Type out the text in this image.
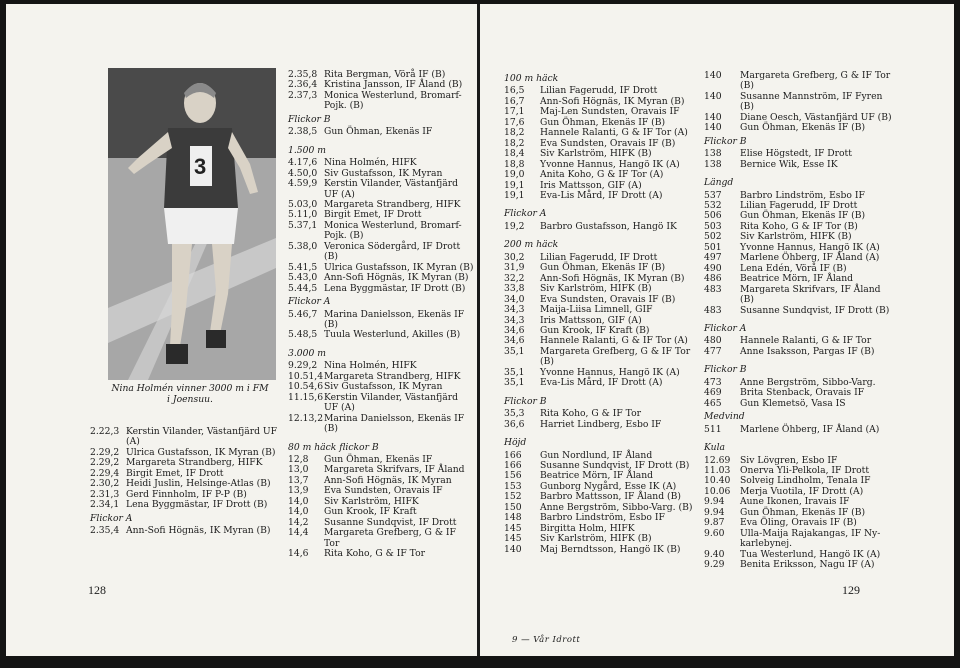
3
Nina Holmén vinner 3000 m i FM
i Joensuu.
2.22,3 Kerstin Vilander, Västanfjärd UF (A)
2.29,2 Ulrica Gustafsson, IK Myran (B)
2.29,2 Margareta Strandberg, HIFK
2.29,4 Birgit Emet, IF Drott
2.30,2 Heidi Juslin, Helsinge-Atlas (B)
2.31,3 Gerd Finnholm, IF P-P (B)
2.34,1 Lena Byggmästar, IF Drott (B)
Flickor A
2.35,4 Ann-Sofi Högnäs, IK Myran (B)
2.35,8 Rita Bergman, Vörå IF (B)
2.36,4 Kristina Jansson, IF Åland (B)
2.37,3 Monica Westerlund, Bromarf-Pojk. (B)
Flickor B
2.38,5 Gun Öhman, Ekenäs IF
1.500 m
4.17,6 Nina Holmén, HIFK
4.50,0 Siv Gustafsson, IK Myran
4.59,9 Kerstin Vilander, Västanfjärd UF (A)
5.03,0 Margareta Strandberg, HIFK
5.11,0 Birgit Emet, IF Drott
5.37,1 Monica Westerlund, Bromarf-Pojk. (B)
5.38,0 Veronica Södergård, IF Drott (B)
5.41,5 Ulrica Gustafsson, IK Myran (B)
5.43,0 Ann-Sofi Högnäs, IK Myran (B)
5.44,5 Lena Byggmästar, IF Drott (B)
Flickor A
5.46,7 Marina Danielsson, Ekenäs IF (B)
5.48,5 Tuula Westerlund, Akilles (B)
3.000 m
9.29,2 Nina Holmén, HIFK
10.51,4 Margareta Strandberg, HIFK
10.54,6 Siv Gustafsson, IK Myran
11.15,6 Kerstin Vilander, Västanfjärd UF (A)
12.13,2 Marina Danielsson, Ekenäs IF (B)
80 m häck flickor B
12,8	Gun Öhman, Ekenäs IF
13,0	Margareta Skrifvars, IF Åland
13,7	Ann-Sofi Högnäs, IK Myran
13,9	Eva Sundsten, Oravais IF
14,0	Siv Karlström, HIFK
14,0	Gun Krook, IF Kraft
14,2	Susanne Sundqvist, IF Drott
14,4	Margareta Grefberg, G & IF Tor
14,6	Rita Koho, G & IF Tor
128
100 m häck
16,5	Lilian Fagerudd, IF Drott
16,7	Ann-Sofi Högnäs, IK Myran (B)
17,1	Maj-Len Sundsten, Oravais IF
17,6	Gun Öhman, Ekenäs IF (B)
18,2	Hannele Ralanti, G & IF Tor (A)
18,2	Eva Sundsten, Oravais IF (B)
18,4	Siv Karlström, HIFK (B)
18,8	Yvonne Hannus, Hangö IK (A)
19,0	Anita Koho, G & IF Tor (A)
19,1	Iris Mattsson, GIF (A)
19,1	Eva-Lis Mård, IF Drott (A)
Flickor A
19,2	Barbro Gustafsson, Hangö IK
200 m häck
30,2	Lilian Fagerudd, IF Drott
31,9	Gun Öhman, Ekenäs IF (B)
32,2	Ann-Sofi Högnäs, IK Myran (B)
33,8	Siv Karlström, HIFK (B)
34,0	Eva Sundsten, Oravais IF (B)
34,3	Maija-Liisa Limnell, GIF
34,3	Iris Mattsson, GIF (A)
34,6	Gun Krook, IF Kraft (B)
34,6	Hannele Ralanti, G & IF Tor (A)
35,1	Margareta Grefberg, G & IF Tor (B)
35,1	Yvonne Hannus, Hangö IK (A)
35,1	Eva-Lis Mård, IF Drott (A)
Flickor B
35,3	Rita Koho, G & IF Tor
36,6	Harriet Lindberg, Esbo IF
Höjd
166	Gun Nordlund, IF Åland
166	Susanne Sundqvist, IF Drott (B)
156	Beatrice Mörn, IF Åland
153	Gunborg Nygård, Esse IK (A)
152	Barbro Mattsson, IF Åland (B)
150	Anne Bergström, Sibbo-Varg. (B)
148	Barbro Lindström, Esbo IF
145	Birgitta Holm, HIFK
145	Siv Karlström, HIFK (B)
140	Maj Berndtsson, Hangö IK (B)
140	Margareta Grefberg, G & IF Tor (B)
140	Susanne Mannström, IF Fyren (B)
140	Diane Oesch, Västanfjärd UF (B)
140	Gun Öhman, Ekenäs IF (B)
Flickor B
138	Elise Högstedt, IF Drott
138	Bernice Wik, Esse IK
Längd
537	Barbro Lindström, Esbo IF
532	Lilian Fagerudd, IF Drott
506	Gun Öhman, Ekenäs IF (B)
503	Rita Koho, G & IF Tor (B)
502	Siv Karlström, HIFK (B)
501	Yvonne Hannus, Hangö IK (A)
497	Marlene Öhberg, IF Åland (A)
490	Lena Edén, Vörå IF (B)
486	Beatrice Mörn, IF Åland
483	Margareta Skrifvars, IF Åland (B)
483	Susanne Sundqvist, IF Drott (B)
Flickor A
480	Hannele Ralanti, G & IF Tor
477	Anne Isaksson, Pargas IF (B)
Flickor B
473	Anne Bergström, Sibbo-Varg.
469	Brita Stenback, Oravais IF
465	Gun Klemetsö, Vasa IS
Medvind
511	Marlene Öhberg, IF Åland (A)
Kula
12.69	Siv Lövgren, Esbo IF
11.03	Onerva Yli-Pelkola, IF Drott
10.40	Solveig Lindholm, Tenala IF
10.06	Merja Vuotila, IF Drott (A)
9.94	Aune Ikonen, Iravais IF
9.94	Gun Öhman, Ekenäs IF (B)
9.87	Eva Öling, Oravais IF (B)
9.60	Ulla-Maija Rajakangas, IF Ny-karlebynej.
9.40	Tua Westerlund, Hangö IK (A)
9.29	Benita Eriksson, Nagu IF (A)
129
9 — Vår Idrott
